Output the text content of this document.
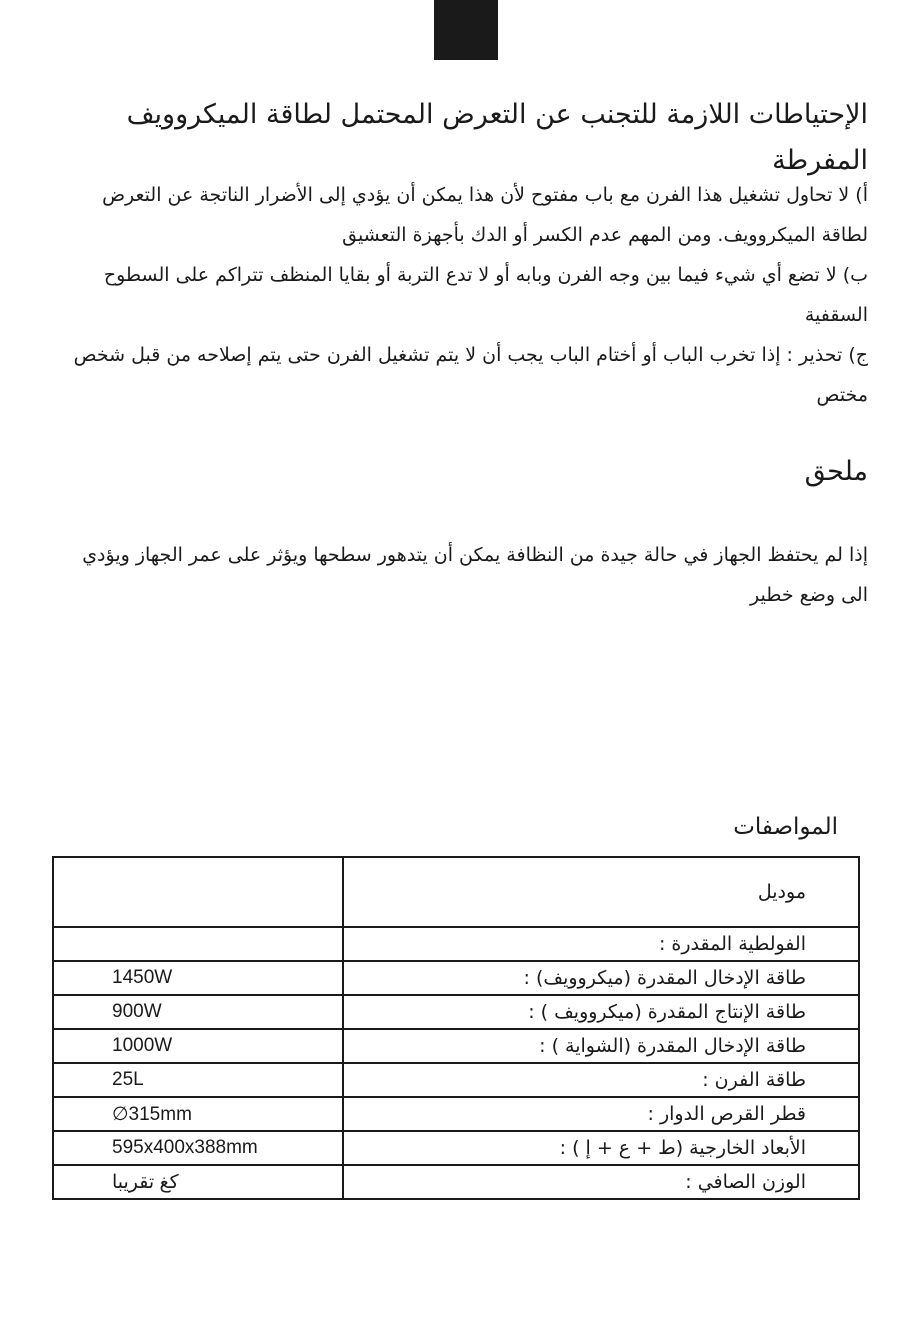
الإحتياطات اللازمة للتجنب عن التعرض المحتمل لطاقة الميكروويف المفرطة
أ) لا تحاول تشغيل هذا الفرن مع باب مفتوح لأن هذا يمكن أن يؤدي إلى الأضرار الناتجة عن التعرض لطاقة الميكروويف. ومن المهم عدم الكسر أو الدك بأجهزة التعشيق
ب) لا تضع أي شيء فيما بين وجه الفرن وبابه أو لا تدع التربة أو بقايا المنظف تتراكم على السطوح السقفية
ج) تحذير : إذا تخرب الباب أو أختام الباب يجب أن لا يتم تشغيل الفرن حتى يتم إصلاحه من قبل شخص مختص
ملحق
إذا لم يحتفظ الجهاز في حالة جيدة من النظافة يمكن أن يتدهور سطحها ويؤثر على عمر الجهاز ويؤدي الى وضع خطير
المواصفات
	موديل
	الفولطية المقدرة :
1450W	طاقة الإدخال المقدرة (ميكروويف) :
900W	طاقة الإنتاج المقدرة (ميكروويف ) :
1000W	طاقة الإدخال المقدرة (الشواية ) :
25L	طاقة الفرن :
∅315mm	قطر القرص الدوار :
595x400x388mm	الأبعاد الخارجية (ط + ع + إ ) :
كغ تقريبا	الوزن الصافي :
